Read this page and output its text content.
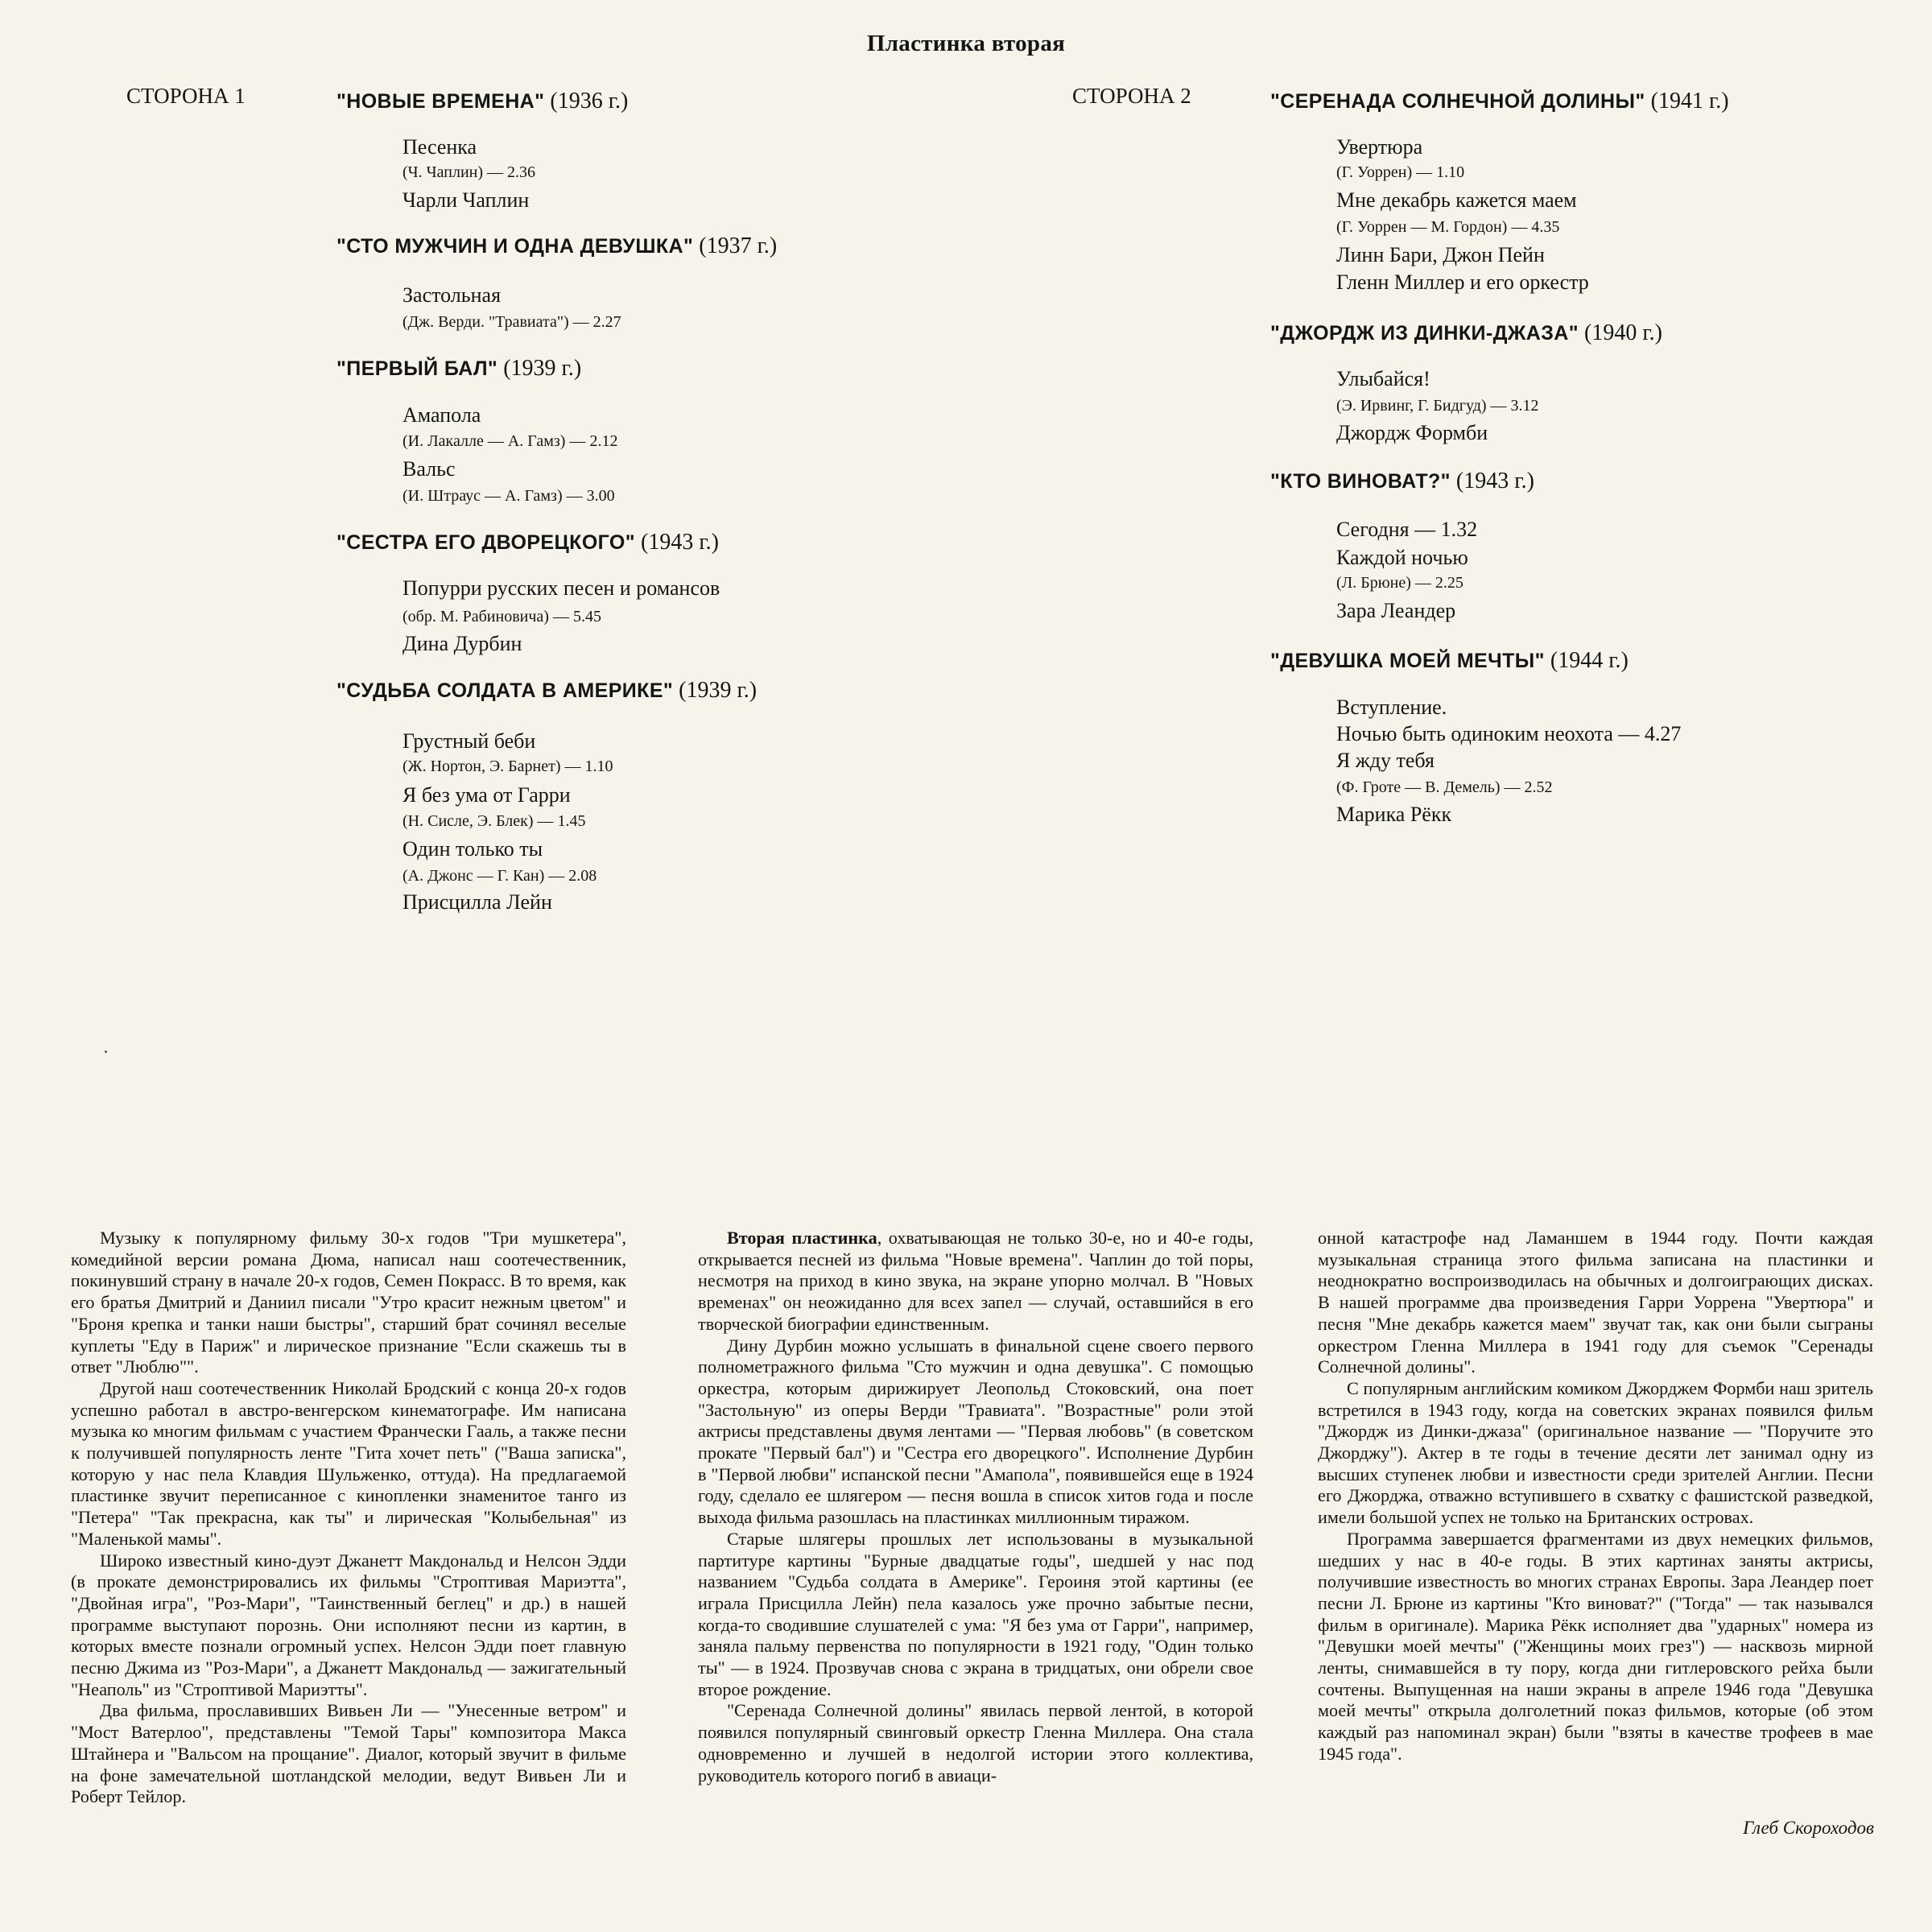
Пластинка вторая
СТОРОНА 1	СТОРОНА 2
"НОВЫЕ ВРЕМЕНА" (1936 г.)
Песенка
(Ч. Чаплин) — 2.36
Чарли Чаплин
"СТО МУЖЧИН И ОДНА ДЕВУШКА" (1937 г.)
Застольная
(Дж. Верди. "Травиата") — 2.27
"ПЕРВЫЙ БАЛ" (1939 г.)
Амапола
(И. Лакалле — А. Гамз) — 2.12
Вальс
(И. Штраус — А. Гамз) — 3.00
"СЕСТРА ЕГО ДВОРЕЦКОГО" (1943 г.)
Попурри русских песен и романсов
(обр. М. Рабиновича) — 5.45
Дина Дурбин
"СУДЬБА СОЛДАТА В АМЕРИКЕ" (1939 г.)
Грустный беби
(Ж. Нортон, Э. Барнет) — 1.10
Я без ума от Гарри
(Н. Сисле, Э. Блек) — 1.45
Один только ты
(А. Джонс — Г. Кан) — 2.08
Присцилла Лейн
"СЕРЕНАДА СОЛНЕЧНОЙ ДОЛИНЫ" (1941 г.)
Увертюра
(Г. Уоррен) — 1.10
Мне декабрь кажется маем
(Г. Уоррен — М. Гордон) — 4.35
Линн Бари, Джон Пейн
Гленн Миллер и его оркестр
"ДЖОРДЖ ИЗ ДИНКИ-ДЖАЗА" (1940 г.)
Улыбайся!
(Э. Ирвинг, Г. Бидгуд) — 3.12
Джордж Формби
"КТО ВИНОВАТ?" (1943 г.)
Сегодня — 1.32
Каждой ночью
(Л. Брюне) — 2.25
Зара Леандер
"ДЕВУШКА МОЕЙ МЕЧТЫ" (1944 г.)
Вступление.
Ночью быть одиноким неохота — 4.27
Я жду тебя
(Ф. Гроте — В. Демель) — 2.52
Марика Рёкк

Музыку к популярному фильму 30-х годов "Три мушкетера", комедийной версии романа Дюма, написал наш соотечественник, покинувший страну в начале 20-х годов, Семен Покрасс. В то время, как его братья Дмитрий и Даниил писали "Утро красит нежным цветом" и "Броня крепка и танки наши быстры", старший брат сочинял веселые куплеты "Еду в Париж" и лирическое признание "Если скажешь ты в ответ "Люблю"".

Другой наш соотечественник Николай Бродский с конца 20-х годов успешно работал в австро-венгерском кинематографе. Им написана музыка ко многим фильмам с участием Франчески Гааль, а также песни к получившей популярность ленте "Гита хочет петь" ("Ваша записка", которую у нас пела Клавдия Шульженко, оттуда). На предлагаемой пластинке звучит переписанное с кинопленки знаменитое танго из "Петера" "Так прекрасна, как ты" и лирическая "Колыбельная" из "Маленькой мамы".

Широко известный кино-дуэт Джанетт Макдональд и Нелсон Эдди (в прокате демонстрировались их фильмы "Строптивая Мариэтта", "Двойная игра", "Роз-Мари", "Таинственный беглец" и др.) в нашей программе выступают порознь. Они исполняют песни из картин, в которых вместе познали огромный успех. Нелсон Эдди поет главную песню Джима из "Роз-Мари", а Джанетт Макдональд — зажигательный "Неаполь" из "Строптивой Мариэтты".

Два фильма, прославивших Вивьен Ли — "Унесенные ветром" и "Мост Ватерлоо", представлены "Темой Тары" композитора Макса Штайнера и "Вальсом на прощание". Диалог, который звучит в фильме на фоне замечательной шотландской мелодии, ведут Вивьен Ли и Роберт Тейлор.

Вторая пластинка, охватывающая не только 30-е, но и 40-е годы, открывается песней из фильма "Новые времена". Чаплин до той поры, несмотря на приход в кино звука, на экране упорно молчал. В "Новых временах" он неожиданно для всех запел — случай, оставшийся в его творческой биографии единственным.

Дину Дурбин можно услышать в финальной сцене своего первого полнометражного фильма "Сто мужчин и одна девушка". С помощью оркестра, которым дирижирует Леопольд Стоковский, она поет "Застольную" из оперы Верди "Травиата". "Возрастные" роли этой актрисы представлены двумя лентами — "Первая любовь" (в советском прокате "Первый бал") и "Сестра его дворецкого". Исполнение Дурбин в "Первой любви" испанской песни "Амапола", появившейся еще в 1924 году, сделало ее шлягером — песня вошла в список хитов года и после выхода фильма разошлась на пластинках миллионным тиражом.

Старые шлягеры прошлых лет использованы в музыкальной партитуре картины "Бурные двадцатые годы", шедшей у нас под названием "Судьба солдата в Америке". Героиня этой картины (ее играла Присцилла Лейн) пела казалось уже прочно забытые песни, когда-то сводившие слушателей с ума: "Я без ума от Гарри", например, заняла пальму первенства по популярности в 1921 году, "Один только ты" — в 1924. Прозвучав снова с экрана в тридцатых, они обрели свое второе рождение.

"Серенада Солнечной долины" явилась первой лентой, в которой появился популярный свинговый оркестр Гленна Миллера. Она стала одновременно и лучшей в недолгой истории этого коллектива, руководитель которого погиб в авиаци-

онной катастрофе над Ламаншем в 1944 году. Почти каждая музыкальная страница этого фильма записана на пластинки и неоднократно воспроизводилась на обычных и долгоиграющих дисках. В нашей программе два произведения Гарри Уоррена "Увертюра" и песня "Мне декабрь кажется маем" звучат так, как они были сыграны оркестром Гленна Миллера в 1941 году для съемок "Серенады Солнечной долины".

С популярным английским комиком Джорджем Формби наш зритель встретился в 1943 году, когда на советских экранах появился фильм "Джордж из Динки-джаза" (оригинальное название — "Поручите это Джорджу"). Актер в те годы в течение десяти лет занимал одну из высших ступенек любви и известности среди зрителей Англии. Песни его Джорджа, отважно вступившего в схватку с фашистской разведкой, имели большой успех не только на Британских островах.

Программа завершается фрагментами из двух немецких фильмов, шедших у нас в 40-е годы. В этих картинах заняты актрисы, получившие известность во многих странах Европы. Зара Леандер поет песни Л. Брюне из картины "Кто виноват?" ("Тогда" — так назывался фильм в оригинале). Марика Рёкк исполняет два "ударных" номера из "Девушки моей мечты" ("Женщины моих грез") — насквозь мирной ленты, снимавшейся в ту пору, когда дни гитлеровского рейха были сочтены. Выпущенная на наши экраны в апреле 1946 года "Девушка моей мечты" открыла долголетний показ фильмов, которые (об этом каждый раз напоминал экран) были "взяты в качестве трофеев в мае 1945 года".

Глеб Скороходов
